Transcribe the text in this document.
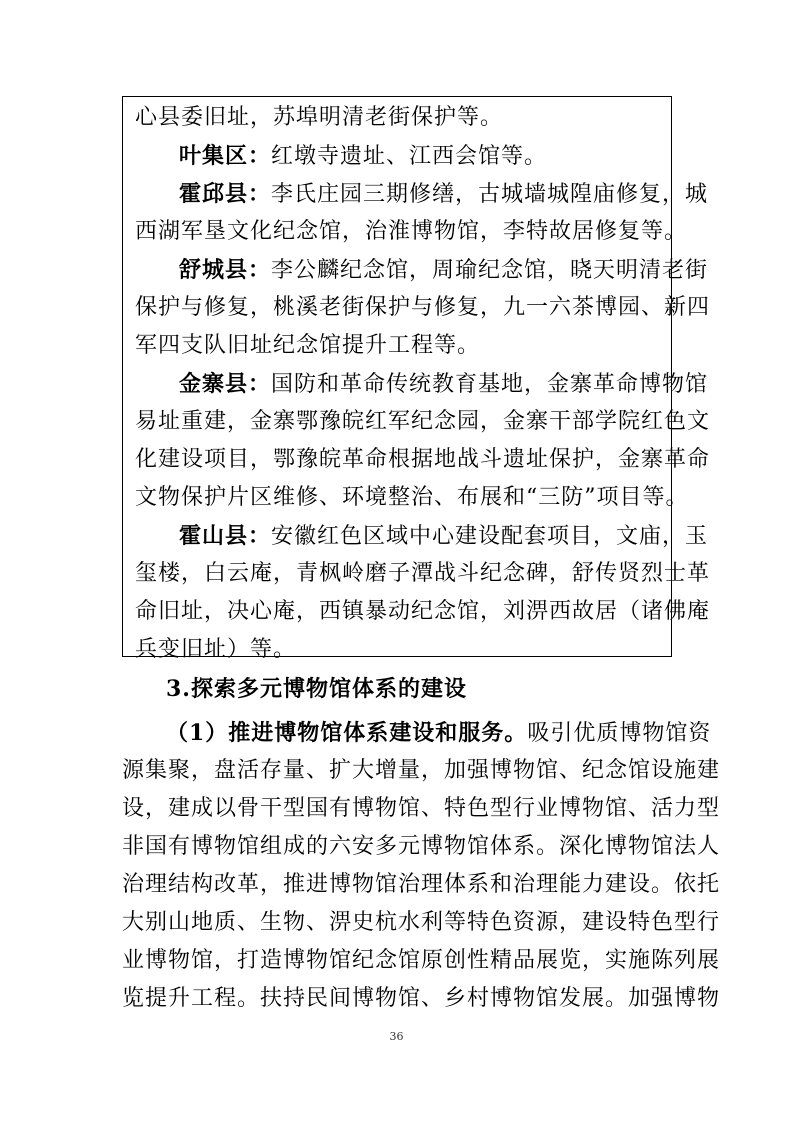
心县委旧址，苏埠明清老街保护等。
叶集区：红墩寺遗址、江西会馆等。
霍邱县：李氏庄园三期修缮，古城墙城隍庙修复，城
西湖军垦文化纪念馆，治淮博物馆，李特故居修复等。
舒城县：李公麟纪念馆，周瑜纪念馆，晓天明清老街
保护与修复，桃溪老街保护与修复，九一六茶博园、新四
军四支队旧址纪念馆提升工程等。
金寨县：国防和革命传统教育基地，金寨革命博物馆
易址重建，金寨鄂豫皖红军纪念园，金寨干部学院红色文
化建设项目，鄂豫皖革命根据地战斗遗址保护，金寨革命
文物保护片区维修、环境整治、布展和“三防”项目等。
霍山县：安徽红色区域中心建设配套项目，文庙，玉
玺楼，白云庵，青枫岭磨子潭战斗纪念碑，舒传贤烈士革
命旧址，决心庵，西镇暴动纪念馆，刘淠西故居（诸佛庵
兵变旧址）等。
3.探索多元博物馆体系的建设
（1）推进博物馆体系建设和服务。吸引优质博物馆资
源集聚，盘活存量、扩大增量，加强博物馆、纪念馆设施建
设，建成以骨干型国有博物馆、特色型行业博物馆、活力型
非国有博物馆组成的六安多元博物馆体系。深化博物馆法人
治理结构改革，推进博物馆治理体系和治理能力建设。依托
大别山地质、生物、淠史杭水利等特色资源，建设特色型行
业博物馆，打造博物馆纪念馆原创性精品展览，实施陈列展
览提升工程。扶持民间博物馆、乡村博物馆发展。加强博物
36
